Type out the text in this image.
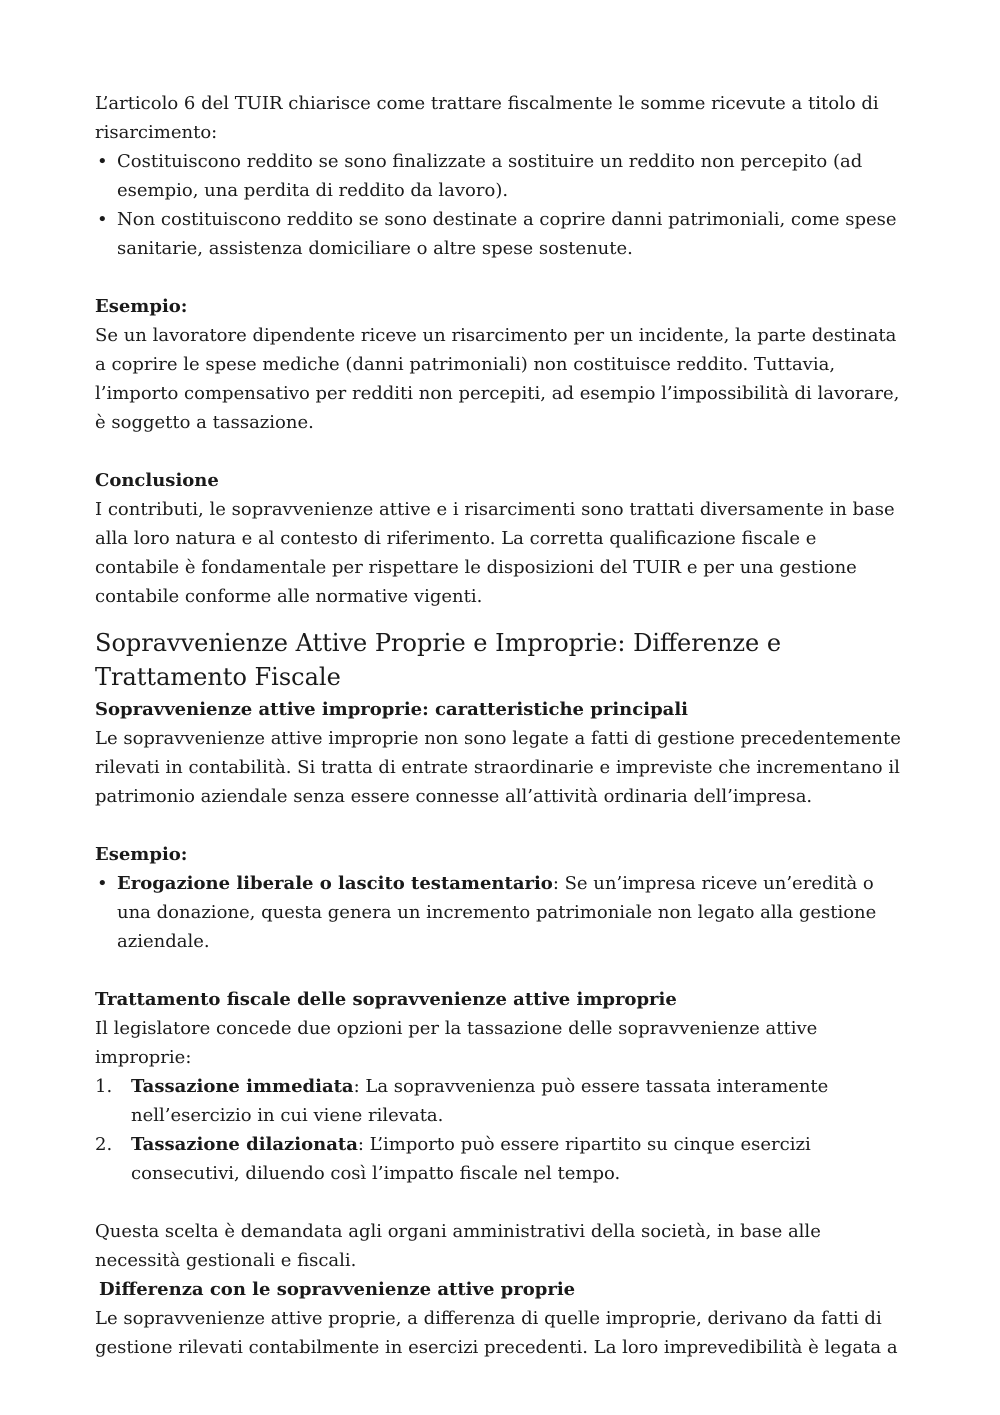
L’articolo 6 del TUIR chiarisce come trattare fiscalmente le somme ricevute a titolo di risarcimento:

• Costituiscono reddito se sono finalizzate a sostituire un reddito non percepito (ad esempio, una perdita di reddito da lavoro).
• Non costituiscono reddito se sono destinate a coprire danni patrimoniali, come spese sanitarie, assistenza domiciliare o altre spese sostenute.

Esempio:

Se un lavoratore dipendente riceve un risarcimento per un incidente, la parte destinata a coprire le spese mediche (danni patrimoniali) non costituisce reddito. Tuttavia, l’importo compensativo per redditi non percepiti, ad esempio l’impossibilità di lavorare, è soggetto a tassazione.

Conclusione

I contributi, le sopravvenienze attive e i risarcimenti sono trattati diversamente in base alla loro natura e al contesto di riferimento. La corretta qualificazione fiscale e contabile è fondamentale per rispettare le disposizioni del TUIR e per una gestione contabile conforme alle normative vigenti.

Sopravvenienze Attive Proprie e Improprie: Differenze e Trattamento Fiscale

Sopravvenienze attive improprie: caratteristiche principali

Le sopravvenienze attive improprie non sono legate a fatti di gestione precedentemente rilevati in contabilità. Si tratta di entrate straordinarie e impreviste che incrementano il patrimonio aziendale senza essere connesse all’attività ordinaria dell’impresa.

Esempio:

• Erogazione liberale o lascito testamentario: Se un’impresa riceve un’eredità o una donazione, questa genera un incremento patrimoniale non legato alla gestione aziendale.

Trattamento fiscale delle sopravvenienze attive improprie

Il legislatore concede due opzioni per la tassazione delle sopravvenienze attive improprie:

1. Tassazione immediata: La sopravvenienza può essere tassata interamente nell’esercizio in cui viene rilevata.
2. Tassazione dilazionata: L’importo può essere ripartito su cinque esercizi consecutivi, diluendo così l’impatto fiscale nel tempo.

Questa scelta è demandata agli organi amministrativi della società, in base alle necessità gestionali e fiscali.

Differenza con le sopravvenienze attive proprie

Le sopravvenienze attive proprie, a differenza di quelle improprie, derivano da fatti di gestione rilevati contabilmente in esercizi precedenti. La loro imprevedibilità è legata a
